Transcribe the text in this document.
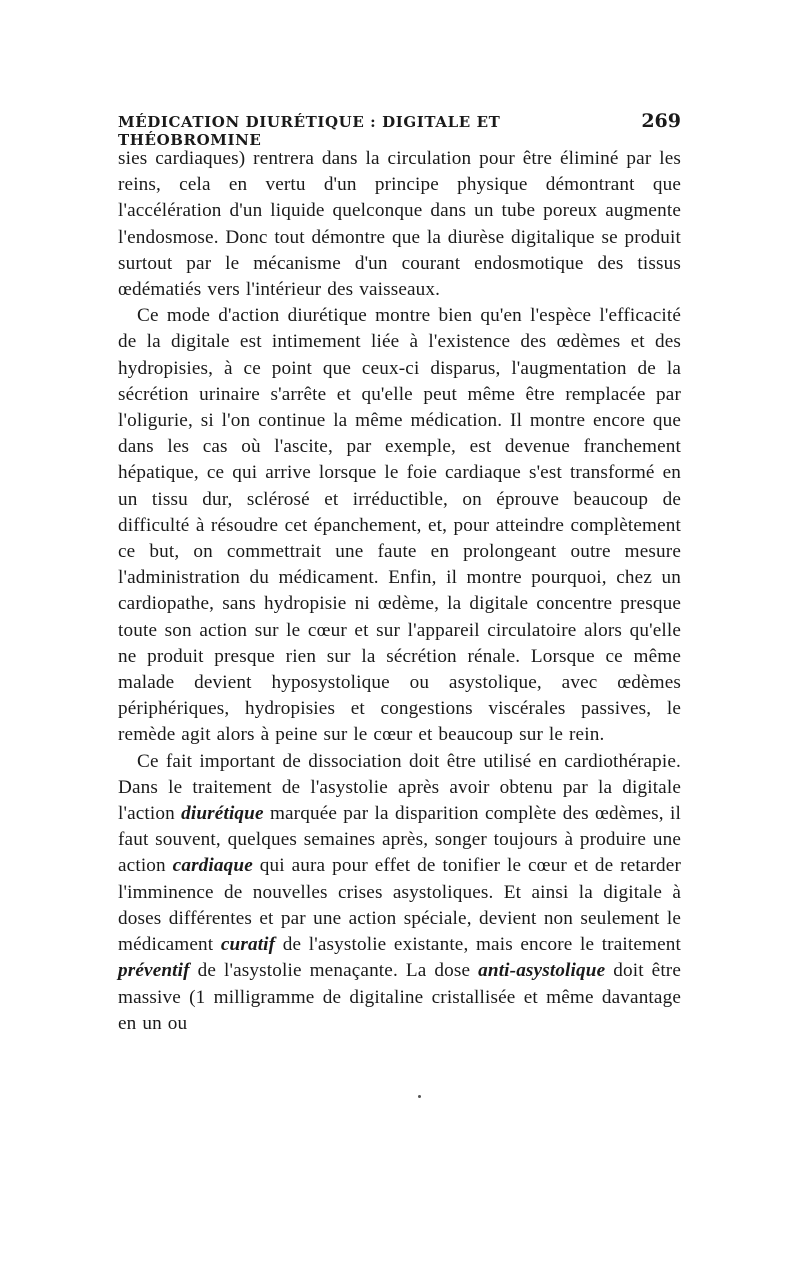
MÉDICATION DIURÉTIQUE : DIGITALE ET THÉOBROMINE
269

sies cardiaques) rentrera dans la circulation pour être éliminé par les reins, cela en vertu d'un principe physique démontrant que l'accélération d'un liquide quelconque dans un tube poreux augmente l'endosmose. Donc tout démontre que la diurèse digitalique se produit surtout par le mécanisme d'un courant endosmotique des tissus œdématiés vers l'intérieur des vaisseaux.

Ce mode d'action diurétique montre bien qu'en l'espèce l'efficacité de la digitale est intimement liée à l'existence des œdèmes et des hydropisies, à ce point que ceux-ci disparus, l'augmentation de la sécrétion urinaire s'arrête et qu'elle peut même être remplacée par l'oligurie, si l'on continue la même médication. Il montre encore que dans les cas où l'ascite, par exemple, est devenue franchement hépatique, ce qui arrive lorsque le foie cardiaque s'est transformé en un tissu dur, sclérosé et irréductible, on éprouve beaucoup de difficulté à résoudre cet épanchement, et, pour atteindre complètement ce but, on commettrait une faute en prolongeant outre mesure l'administration du médicament. Enfin, il montre pourquoi, chez un cardiopathe, sans hydropisie ni œdème, la digitale concentre presque toute son action sur le cœur et sur l'appareil circulatoire alors qu'elle ne produit presque rien sur la sécrétion rénale. Lorsque ce même malade devient hyposystolique ou asystolique, avec œdèmes périphériques, hydropisies et congestions viscérales passives, le remède agit alors à peine sur le cœur et beaucoup sur le rein.

Ce fait important de dissociation doit être utilisé en cardiothérapie. Dans le traitement de l'asystolie après avoir obtenu par la digitale l'action diurétique marquée par la disparition complète des œdèmes, il faut souvent, quelques semaines après, songer toujours à produire une action cardiaque qui aura pour effet de tonifier le cœur et de retarder l'imminence de nouvelles crises asystoliques. Et ainsi la digitale à doses différentes et par une action spéciale, devient non seulement le médicament curatif de l'asystolie existante, mais encore le traitement préventif de l'asystolie menaçante. La dose anti-asystolique doit être massive (1 milligramme de digitaline cristallisée et même davantage en un ou
